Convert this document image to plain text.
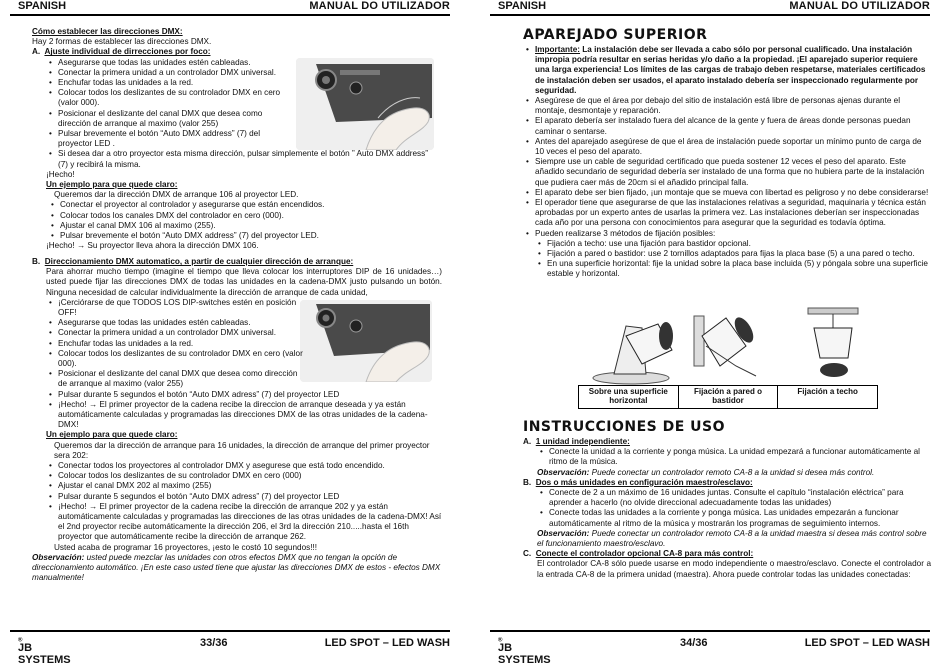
SPANISH	MANUAL DO UTILIZADOR

Cómo establecer las direcciones DMX:

Hay 2 formas de establecer las direcciones DMX.

A. Ajuste individual de dirrecciones por foco:

• Asegurarse que todas las unidades estén cableadas.
• Conectar la primera unidad a un controlador DMX universal.
• Enchufar todas las unidades a la red.
• Colocar todos los deslizantes de su controlador DMX en cero (valor 000).
• Posicionar el deslizante del canal DMX que desea como dirección de arranque al maximo (valor 255)
• Pulsar brevemente el botón “Auto DMX address” (7) del proyector LED .
• Si desea dar a otro proyector esta misma dirección, pulsar simplemente el botón ” Auto DMX address” (7) y recibirá la misma.

¡Hecho!

Un ejemplo para que quede claro:

Queremos dar la dirección DMX de arranque 106 al proyector LED.

• Conectar el proyector al controlador y asegurarse que están encendidos.
• Colocar todos los canales DMX del controlador en cero (000).
• Ajustar el canal DMX 106 al maximo (255).
• Pulsar brevemente el botón “Auto DMX address” (7) del proyector LED.

¡Hecho! → Su proyector lleva ahora la dirección DMX 106.

B. Direccionamiento DMX automatico, a partir de cualquier dirección de arranque:

Para ahorrar mucho tiempo (imagine el tiempo que lleva colocar los interruptores DIP de 16 unidades…) usted puede fijar las direcciones DMX de todas las unidades en la cadena-DMX justo pulsando un botón. Ninguna necesidad de calcular individualmente la dirección de arranque de cada unidad,

• ¡Cerciórarse de que TODOS LOS DIP-switches estén en posición OFF!
• Asegurarse que todas las unidades estén cableadas.
• Conectar la primera unidad a un controlador DMX universal.
• Enchufar todas las unidades a la red.
• Colocar todos los deslizantes de su controlador DMX en cero (valor 000).
• Posicionar el deslizante del canal DMX que desea como dirección de arranque al maximo (valor 255)
• Pulsar durante 5 segundos el botón “Auto DMX adress” (7) del proyector LED
• ¡Hecho! → El primer proyector de la cadena recibe la direccion de arranque deseada y ya están automáticamente calculadas y programadas las direcciones DMX de las otras unidades de la cadena-DMX!

Un ejemplo para que quede claro:

Queremos dar la dirección de arranque para 16 unidades, la dirección de arranque del primer proyector sera 202:

• Conectar todos los proyectores al controlador DMX y asegurese que está todo encendido.
• Colocar todos los deslizantes de su controlador DMX en cero (000)
• Ajustar el canal DMX 202 al maximo (255)
• Pulsar durante 5 segundos el botón “Auto DMX adress” (7) del proyector LED
• ¡Hecho! → El primer proyector de la cadena recibe la dirección de arranque 202 y ya están automáticamente calculadas y programadas las direcciones de las otras unidades de la cadena-DMX! Así el 2nd proyector recibe automáticamente la dirección 206, el 3rd la dirección 210.....hasta el 16th proyector que automáticamente recibe la dirección de arranque 262.

Usted acaba de programar 16 proyectores, ¡esto le costó 10 segundos!!!

Observación: usted puede mezclar las unidades con otros efectos DMX que no tengan la opción de direccionamiento automático. ¡En este caso usted tiene que ajustar las direcciones DMX de estos - efectos DMX manualmente!

JB SYSTEMS
®	33/36	LED SPOT – LED WASH
SPANISH	MANUAL DO UTILIZADOR
APAREJADO SUPERIOR
• Importante: La instalación debe ser llevada a cabo sólo por personal cualificado. Una instalación impropia podría resultar en serias heridas y/o daño a la propiedad. ¡El aparejado superior requiere una larga experiencia! Los límites de las cargas de trabajo deben respetarse, materiales certificados de instalación deben ser usados, el aparato instalado debería ser inspeccionado regularmente por seguridad.
• Asegúrese de que el área por debajo del sitio de instalación está libre de personas ajenas durante el montaje, desmontaje y reparación.
• El aparato debería ser instalado fuera del alcance de la gente y fuera de áreas donde personas puedan caminar o sentarse.
• Antes del aparejado asegúrese de que el área de instalación puede soportar un mínimo punto de carga de 10 veces el peso del aparato.
• Siempre use un cable de seguridad certificado que pueda sostener 12 veces el peso del aparato. Este añadido secundario de seguridad debería ser instalado de una forma que no hubiera parte de la instalación que pudiera caer más de 20cm si el añadido principal falla.
• El aparato debe ser bien fijado, ¡un montaje que se mueva con libertad es peligroso y no debe considerarse!
• El operador tiene que asegurarse de que las instalaciones relativas a seguridad, maquinaria y técnica están aprobadas por un experto antes de usarlas la primera vez. Las instalaciones deberían ser inspeccionadas cada año por una persona con conocimientos para asegurar que la seguridad es todavía óptima.
• Pueden realizarse 3 métodos de fijación posibles:
• Fijación a techo: use una fijación para bastidor opcional.
• Fijación a pared o bastidor: use 2 tornillos adaptados para fijas la placa base (5) a una pared o techo.
• En una superficie horizontal: fije la unidad sobre la placa base incluida (5) y póngala sobre una superficie estable y horizontal.
Sobre una superficie horizontal	Fijación a pared o bastidor	Fijación a techo
INSTRUCCIONES DE USO

A. 1 unidad independiente:

• Conecte la unidad a la corriente y ponga música. La unidad empezará a funcionar automáticamente al ritmo de la música.

Observación: Puede conectar un controlador remoto CA-8 a la unidad si desea más control.

B. Dos o más unidades en configuración maestro/esclavo:

• Conecte de 2 a un máximo de 16 unidades juntas. Consulte el capítulo “instalación eléctrica” para aprender a hacerlo (no olvide direccional adecuadamente todas las unidades)
• Conecte todas las unidades a la corriente y ponga música. Las unidades empezarán a funcionar automáticamente al ritmo de la música y mostrarán los programas de seguimiento internos.

Observación: Puede conectar un controlador remoto CA-8 a la unidad maestra si desea más control sobre el funcionamiento maestro/esclavo.

C. Conecte el controlador opcional CA-8 para más control:

El controlador CA-8 sólo puede usarse en modo independiente o maestro/esclavo. Conecte el controlador a la entrada CA-8 de la primera unidad (maestra). Ahora puede controlar todas las unidades conectadas:

JB SYSTEMS
®	34/36	LED SPOT – LED WASH
